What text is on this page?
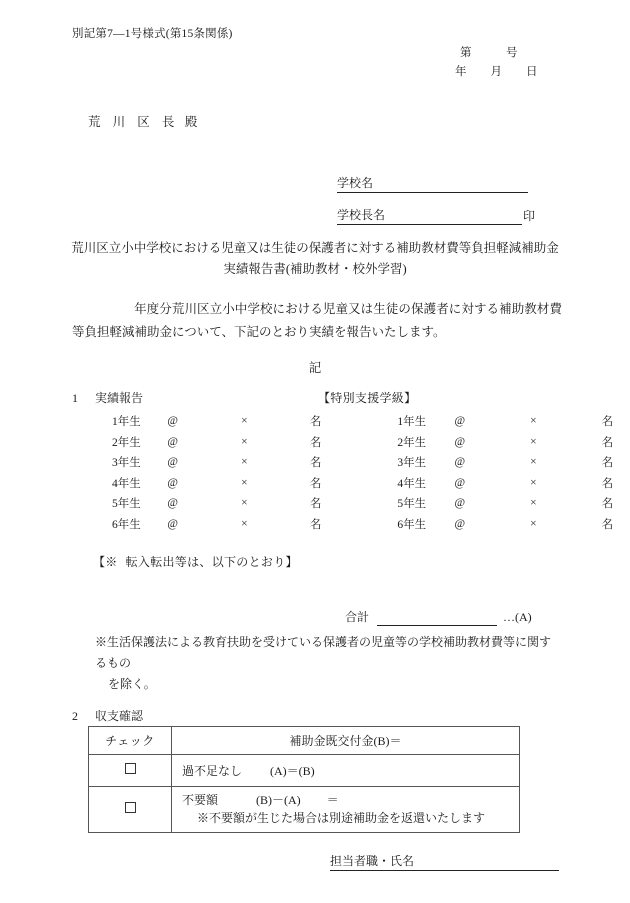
別記第7―1号様式(第15条関係)
第	号
年 月 日
荒 川 区 長 殿
学校名
学校長名	印
荒川区立小中学校における児童又は生徒の保護者に対する補助教材費等負担軽減補助金
実績報告書(補助教材・校外学習)
年度分荒川区立小中学校における児童又は生徒の保護者に対する補助教材費等負担軽減補助金について、下記のとおり実績を報告いたします。
記
1 実績報告	【特別支援学級】
1年生	@	×	名	1年生	@	×	名
2年生	@	×	名	2年生	@	×	名
3年生	@	×	名	3年生	@	×	名
4年生	@	×	名	4年生	@	×	名
5年生	@	×	名	5年生	@	×	名
6年生	@	×	名	6年生	@	×	名
【※ 転入転出等は、以下のとおり】
合計	…(A)
※生活保護法による教育扶助を受けている保護者の児童等の学校補助教材費等に関するもの
を除く。
2 収支確認
チェック	補助金既交付金(B)＝

	過不足なし (A)＝(B)

	不要額 (B)－(A) ＝
※不要額が生じた場合は別途補助金を返還いたします
担当者職・氏名
